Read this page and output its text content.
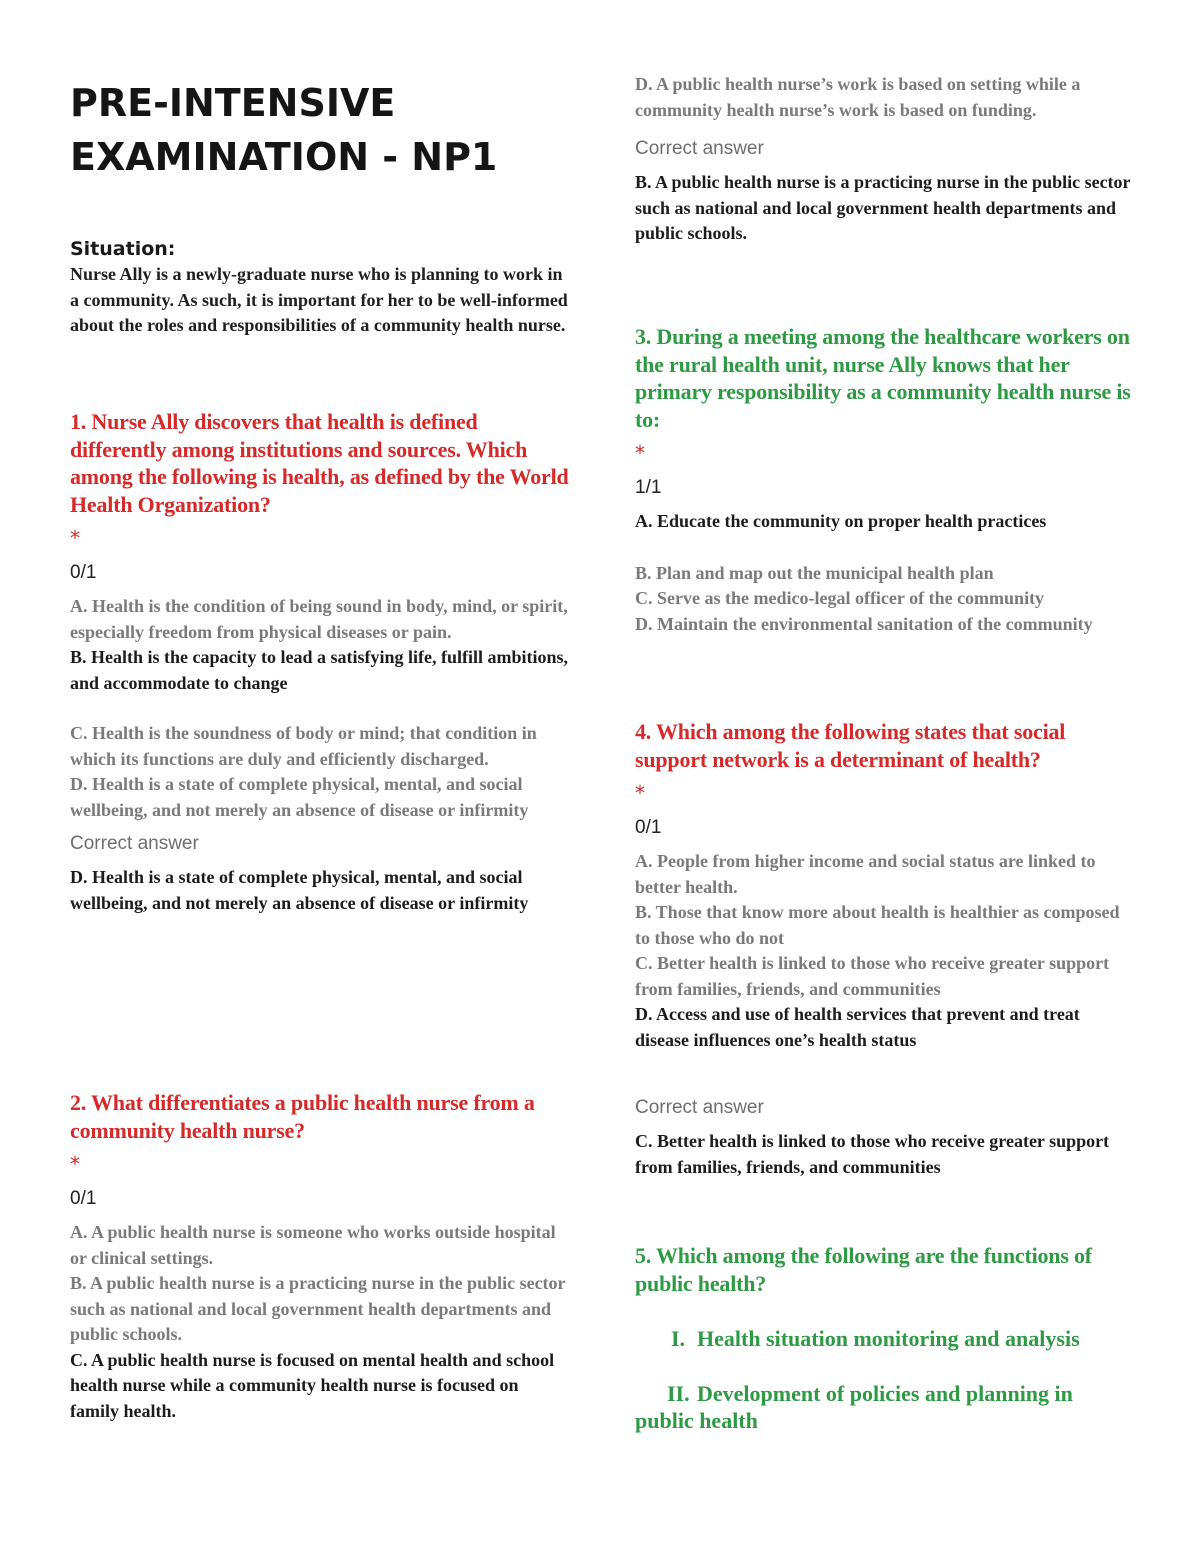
PRE-INTENSIVE EXAMINATION - NP1

Situation:

Nurse Ally is a newly-graduate nurse who is planning to work in a community. As such, it is important for her to be well-informed about the roles and responsibilities of a community health nurse.

1. Nurse Ally discovers that health is defined differently among institutions and sources. Which among the following is health, as defined by the World Health Organization?

*

0/1

A. Health is the condition of being sound in body, mind, or spirit, especially freedom from physical diseases or pain.

B. Health is the capacity to lead a satisfying life, fulfill ambitions, and accommodate to change

C. Health is the soundness of body or mind; that condition in which its functions are duly and efficiently discharged.

D. Health is a state of complete physical, mental, and social wellbeing, and not merely an absence of disease or infirmity

Correct answer

D. Health is a state of complete physical, mental, and social wellbeing, and not merely an absence of disease or infirmity

2. What differentiates a public health nurse from a community health nurse?

*

0/1

A. A public health nurse is someone who works outside hospital or clinical settings.

B. A public health nurse is a practicing nurse in the public sector such as national and local government health departments and public schools.

C. A public health nurse is focused on mental health and school health nurse while a community health nurse is focused on family health.

D. A public health nurse’s work is based on setting while a community health nurse’s work is based on funding.

Correct answer

B. A public health nurse is a practicing nurse in the public sector such as national and local government health departments and public schools.

3. During a meeting among the healthcare workers on the rural health unit, nurse Ally knows that her primary responsibility as a community health nurse is to:

*

1/1

A. Educate the community on proper health practices

B. Plan and map out the municipal health plan

C. Serve as the medico-legal officer of the community

D. Maintain the environmental sanitation of the community

4. Which among the following states that social support network is a determinant of health?

*

0/1

A. People from higher income and social status are linked to better health.

B. Those that know more about health is healthier as composed to those who do not

C. Better health is linked to those who receive greater support from families, friends, and communities

D. Access and use of health services that prevent and treat disease influences one’s health status

Correct answer

C. Better health is linked to those who receive greater support from families, friends, and communities

5. Which among the following are the functions of public health?

I. Health situation monitoring and analysis

II. Development of policies and planning in public health
